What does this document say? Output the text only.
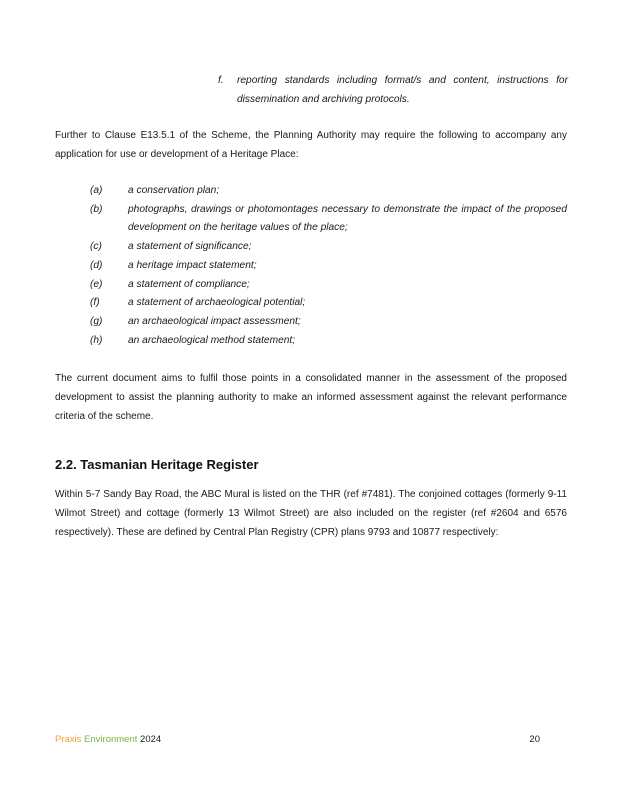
f. reporting standards including format/s and content, instructions for dissemination and archiving protocols.
Further to Clause E13.5.1 of the Scheme, the Planning Authority may require the following to accompany any application for use or development of a Heritage Place:
(a)	a conservation plan;
(b)	photographs, drawings or photomontages necessary to demonstrate the impact of the proposed development on the heritage values of the place;
(c)	a statement of significance;
(d)	a heritage impact statement;
(e)	a statement of compliance;
(f)	a statement of archaeological potential;
(g)	an archaeological impact assessment;
(h)	an archaeological method statement;
The current document aims to fulfil those points in a consolidated manner in the assessment of the proposed development to assist the planning authority to make an informed assessment against the relevant performance criteria of the scheme.
2.2. Tasmanian Heritage Register
Within 5-7 Sandy Bay Road, the ABC Mural is listed on the THR (ref #7481). The conjoined cottages (formerly 9-11 Wilmot Street) and cottage (formerly 13 Wilmot Street) are also included on the register (ref #2604 and 6576 respectively). These are defined by Central Plan Registry (CPR) plans 9793 and 10877 respectively:
Praxis Environment 2024	20
